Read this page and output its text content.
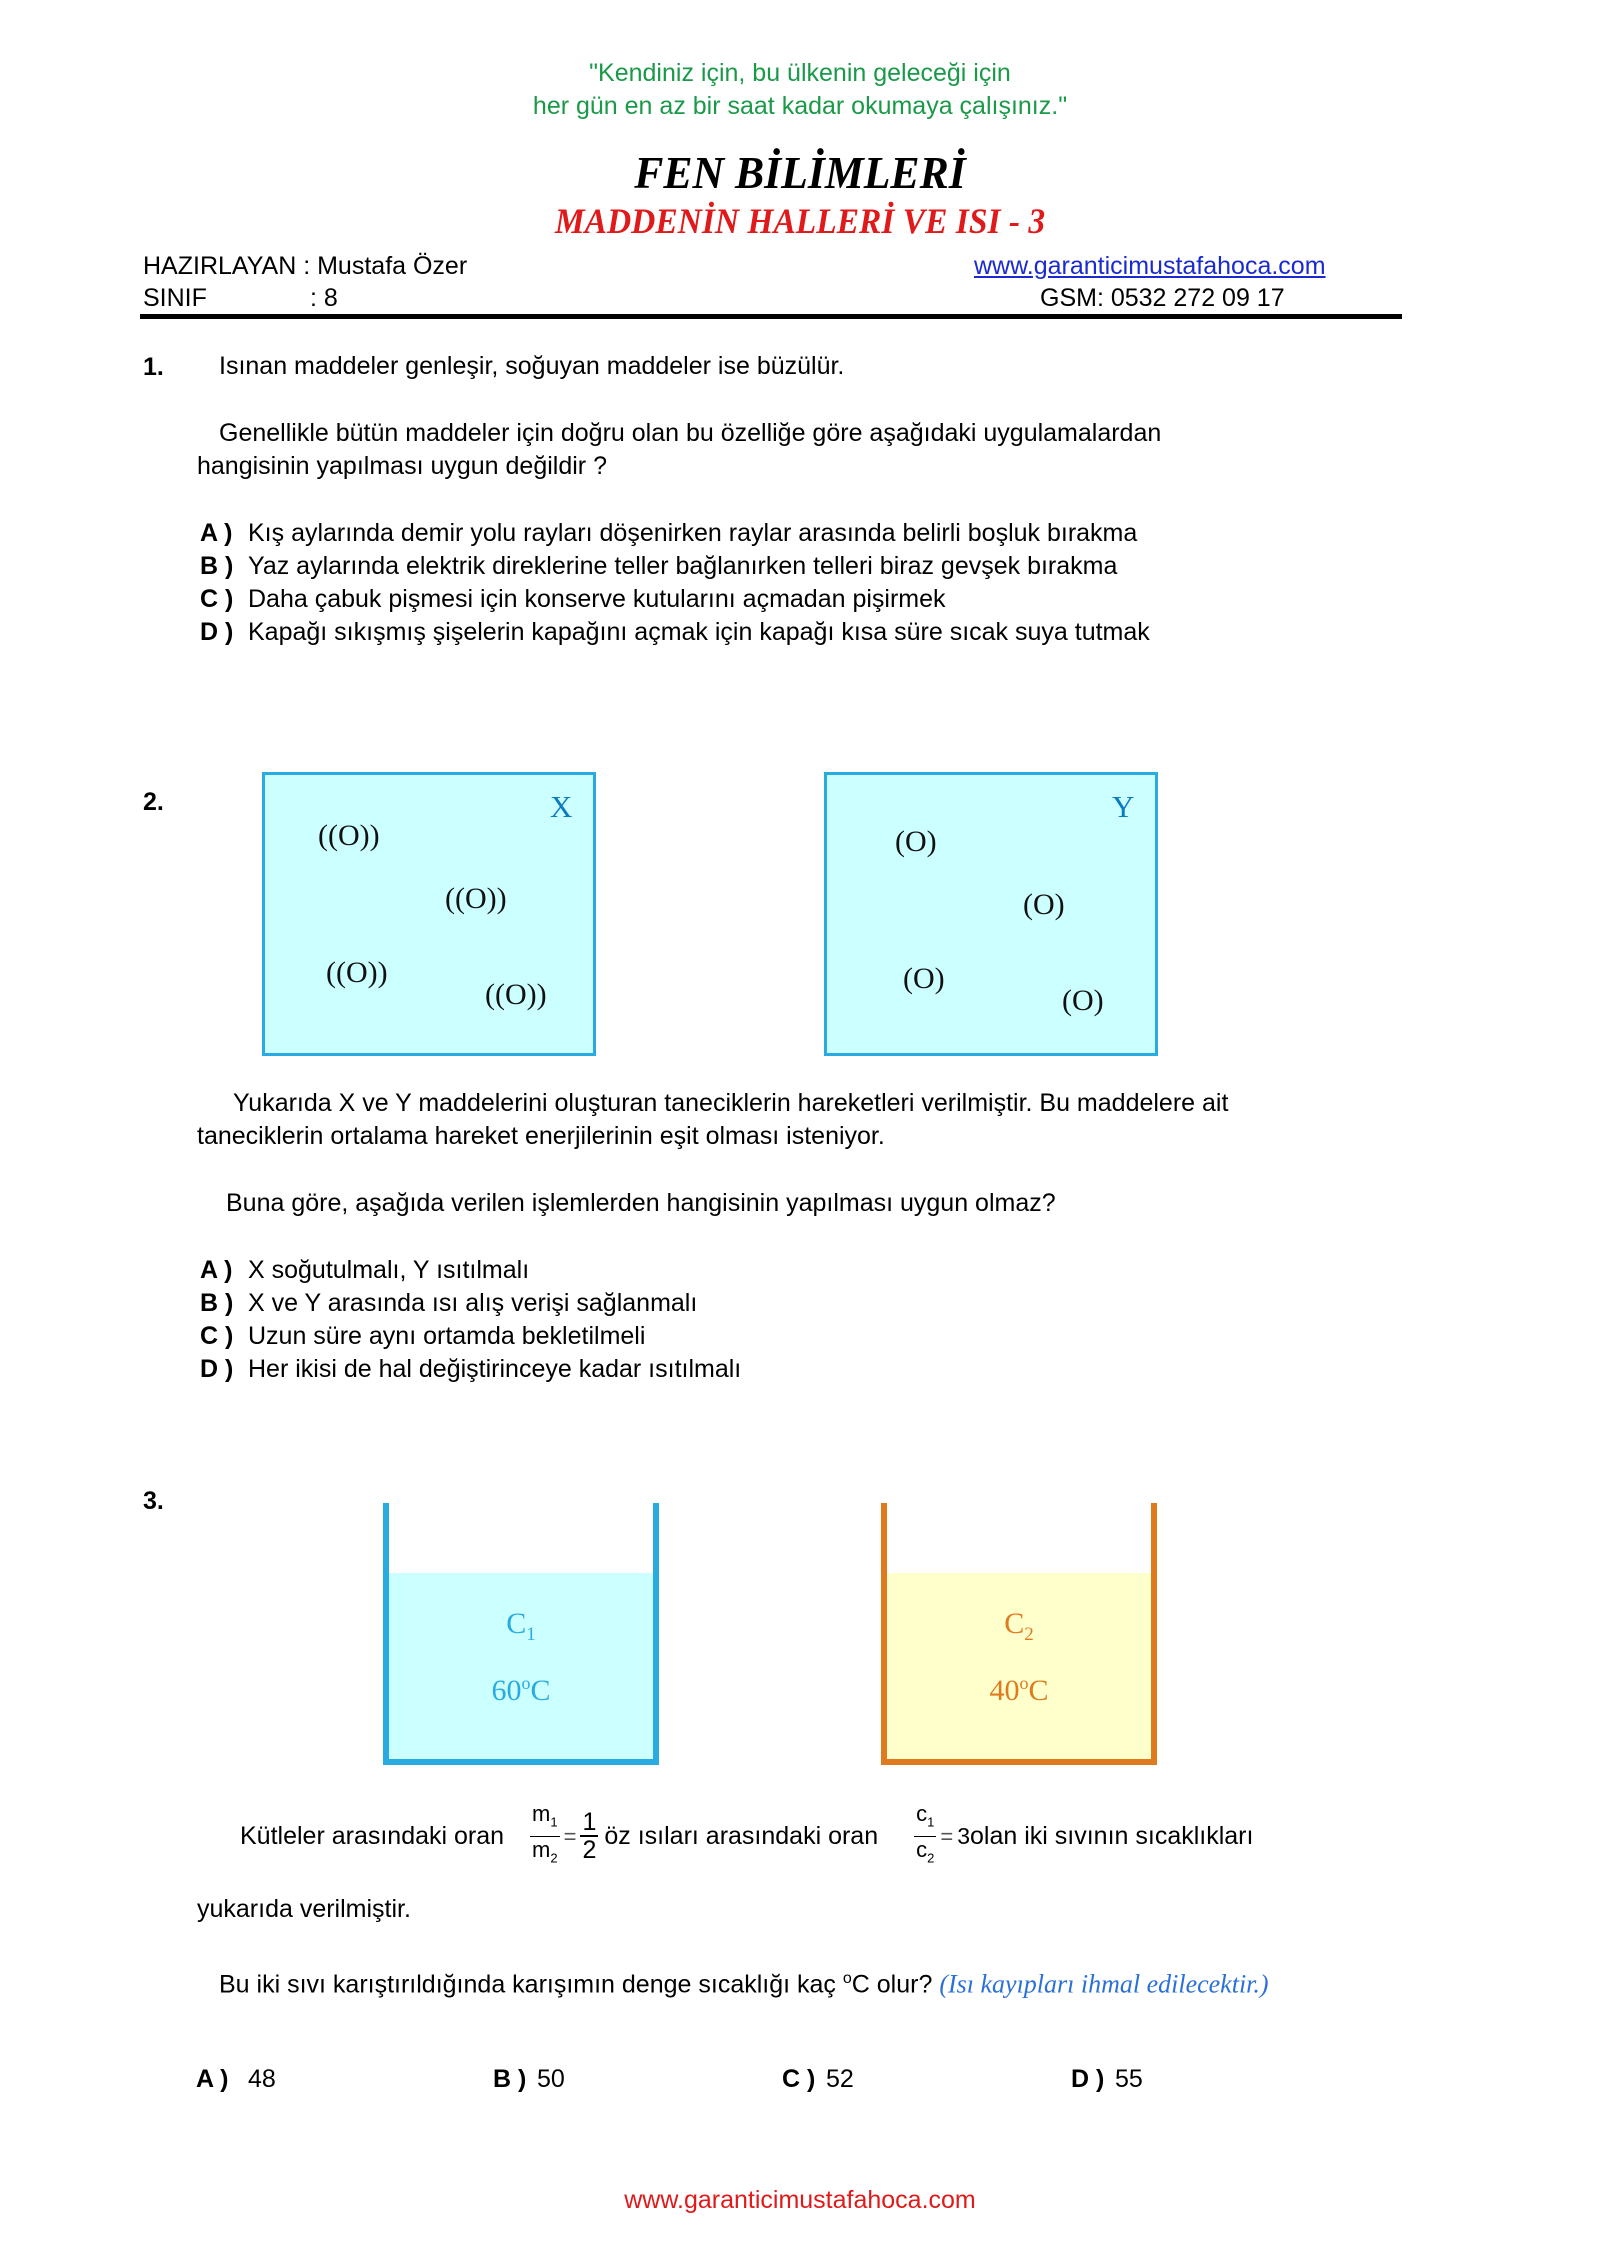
"Kendiniz için, bu ülkenin geleceği için
her gün en az bir saat kadar okumaya çalışınız."
FEN BİLİMLERİ
MADDENİN HALLERİ VE ISI - 3
HAZIRLAYAN : Mustafa Özer
SINIF	: 8
www.garanticimustafahoca.com
GSM: 0532 272 09 17
1. Isınan maddeler genleşir, soğuyan maddeler ise büzülür.
Genellikle bütün maddeler için doğru olan bu özelliğe göre aşağıdaki uygulamalardan
hangisinin yapılması uygun değildir ?
A ) Kış aylarında demir yolu rayları döşenirken raylar arasında belirli boşluk bırakma
B ) Yaz aylarında elektrik direklerine teller bağlanırken telleri biraz gevşek bırakma
C ) Daha çabuk pişmesi için konserve kutularını açmadan pişirmek
D ) Kapağı sıkışmış şişelerin kapağını açmak için kapağı kısa süre sıcak suya tutmak
2.	X
((O))
((O))
((O))
((O))
Y
(O)
(O)
(O)
(O)
Yukarıda X ve Y maddelerini oluşturan taneciklerin hareketleri verilmiştir. Bu maddelere ait
taneciklerin ortalama hareket enerjilerinin eşit olması isteniyor.
Buna göre, aşağıda verilen işlemlerden hangisinin yapılması uygun olmaz?
A ) X soğutulmalı, Y ısıtılmalı
B ) X ve Y arasında ısı alış verişi sağlanmalı
C ) Uzun süre aynı ortamda bekletilmeli
D ) Her ikisi de hal değiştirinceye kadar ısıtılmalı
3.
$C_1$
60$^o$C
$C_2$
40$^o$C
Kütleler arasındaki oran $\frac{m_1}{m_2} = \frac{1}{2}$ öz ısıları arasındaki oran $\frac{c_1}{c_2} = 3$ olan iki sıvının sıcaklıkları
yukarıda verilmiştir.
Bu iki sıvı karıştırıldığında karışımın denge sıcaklığı kaç $^o$C olur? (Isı kayıpları ihmal edilecektir.)
A ) 48	B ) 50	C ) 52	D ) 55
www.garanticimustafahoca.com
